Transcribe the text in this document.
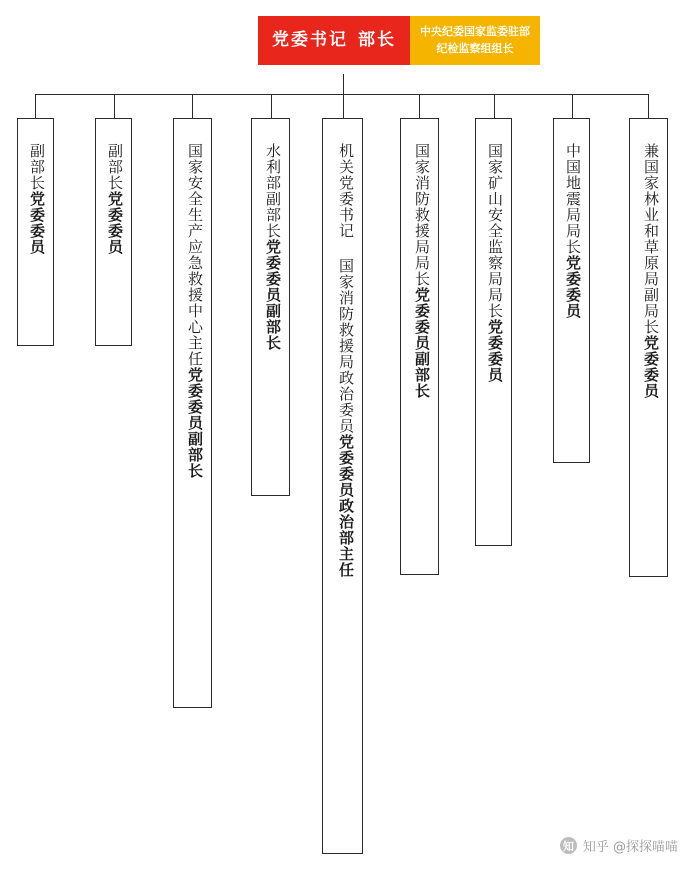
党委书记 部长 中央纪委国家监委驻部
纪检监察组组长
党委委员
副部长
党委委员
副部长
党委委员副部长
国家安全生产应急救援中心主任	党委委员副部长
水利部副部长
党委委员政治部主任
机关党委书记 国家消防救援局政治委员	党委委员副部长
国家消防救援局局长
党委委员
国家矿山安全监察局局长	党委委员
中国地震局局长
党委委员
兼国家林业和草原局副局长
知 知乎 @探探喵喵
